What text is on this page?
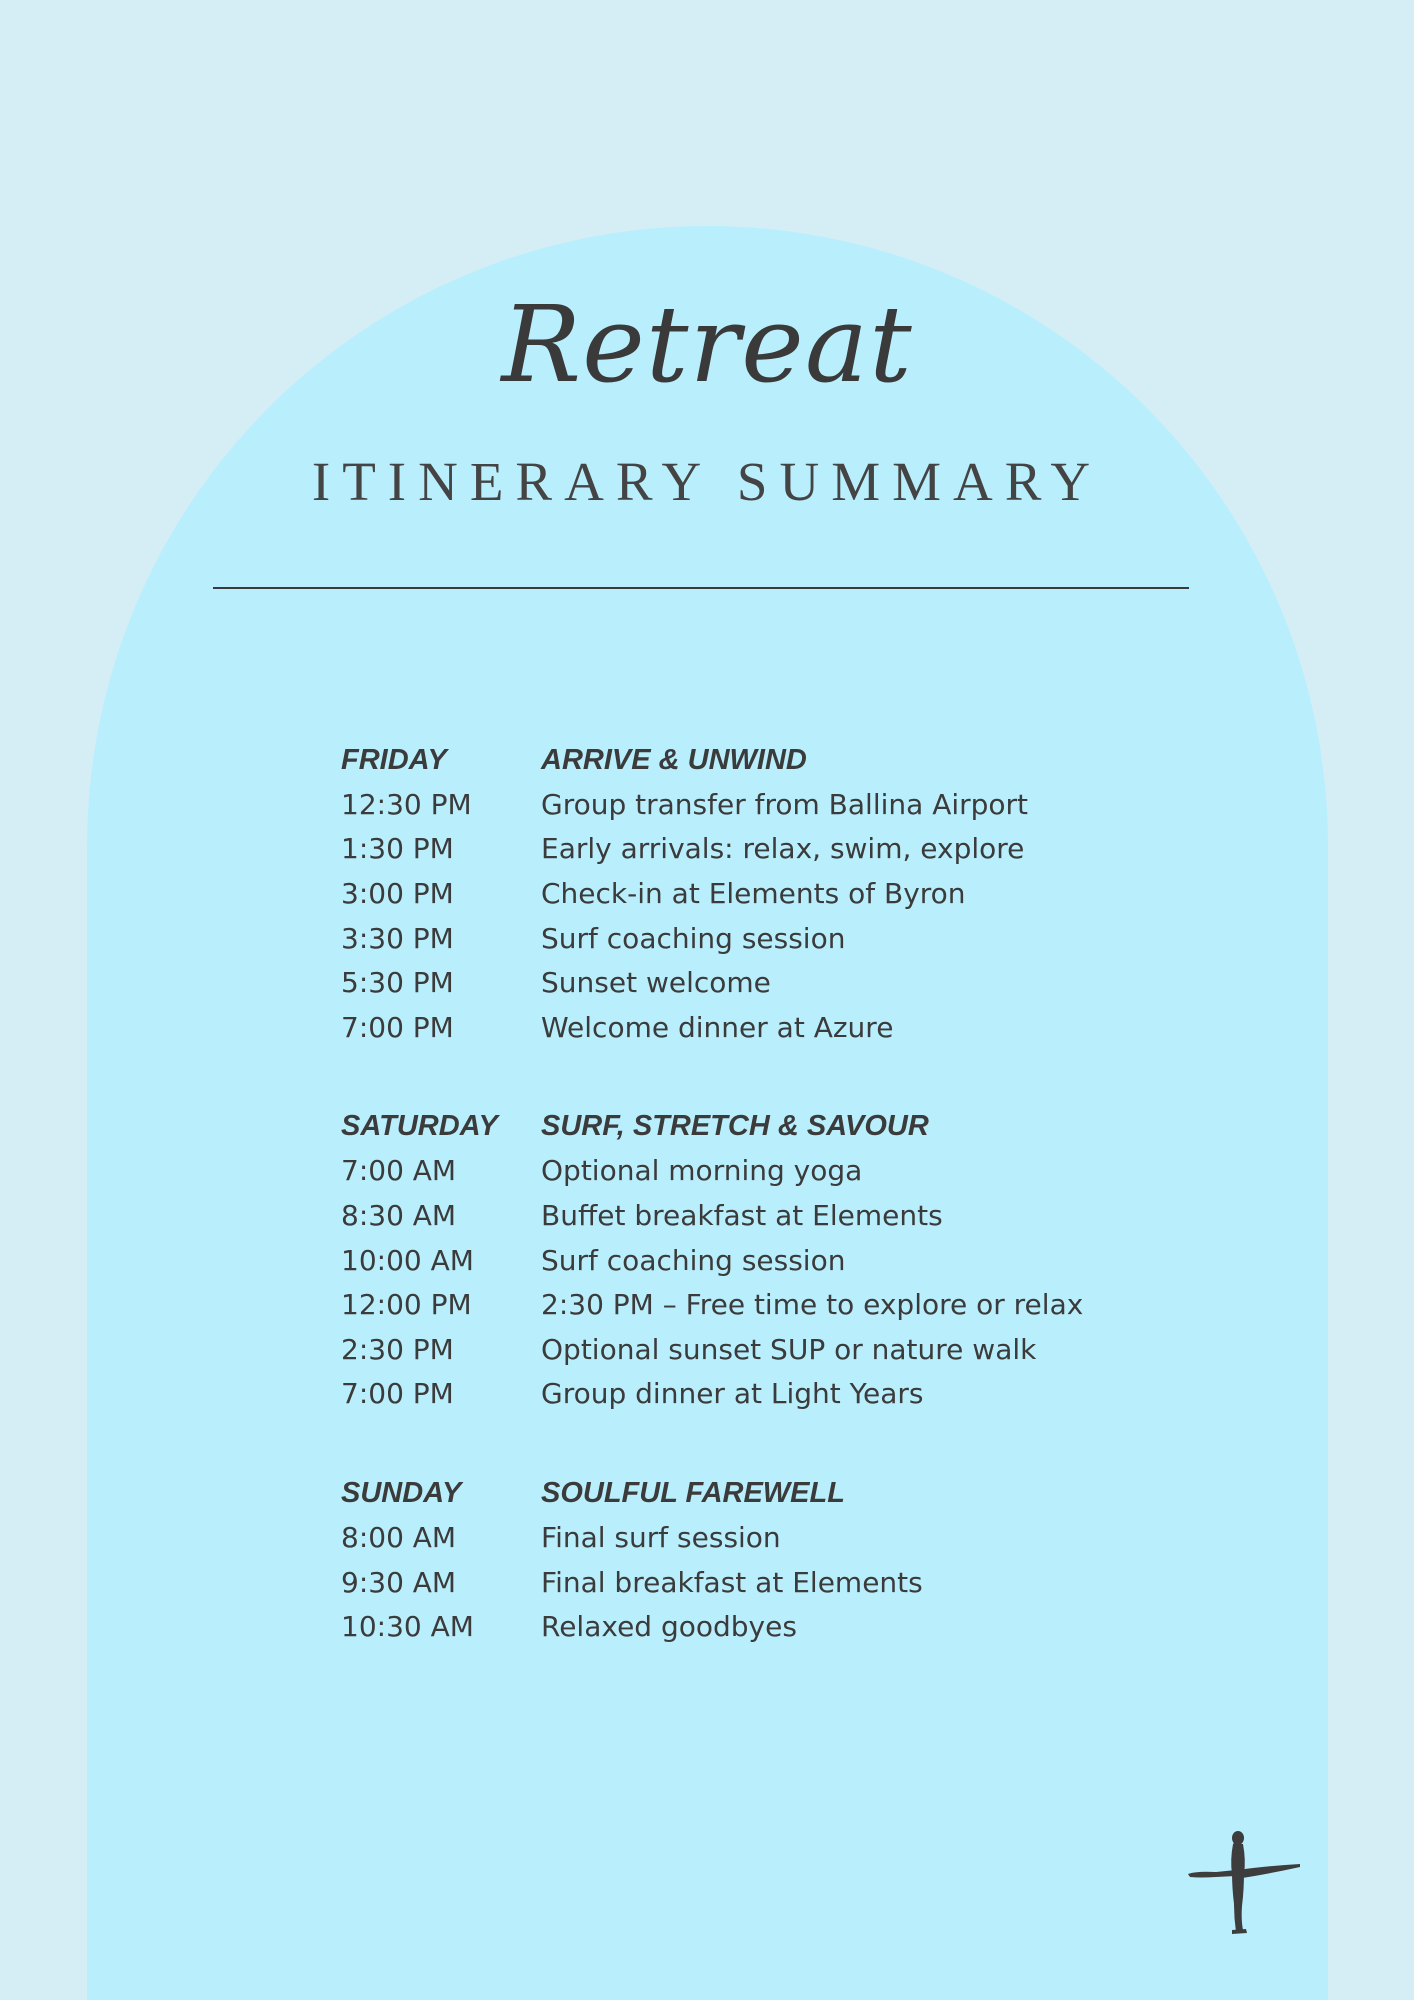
Retreat
ITINERARY SUMMARY
FRIDAY	ARRIVE & UNWIND
12:30 PM	Group transfer from Ballina Airport
1:30 PM	Early arrivals: relax, swim, explore
3:00 PM	Check-in at Elements of Byron
3:30 PM	Surf coaching session
5:30 PM	Sunset welcome
7:00 PM	Welcome dinner at Azure
SATURDAY	SURF, STRETCH & SAVOUR
7:00 AM	Optional morning yoga
8:30 AM	Buffet breakfast at Elements
10:00 AM	Surf coaching session
12:00 PM	2:30 PM – Free time to explore or relax
2:30 PM	Optional sunset SUP or nature walk
7:00 PM	Group dinner at Light Years
SUNDAY	SOULFUL FAREWELL
8:00 AM	Final surf session
9:30 AM	Final breakfast at Elements
10:30 AM	Relaxed goodbyes
